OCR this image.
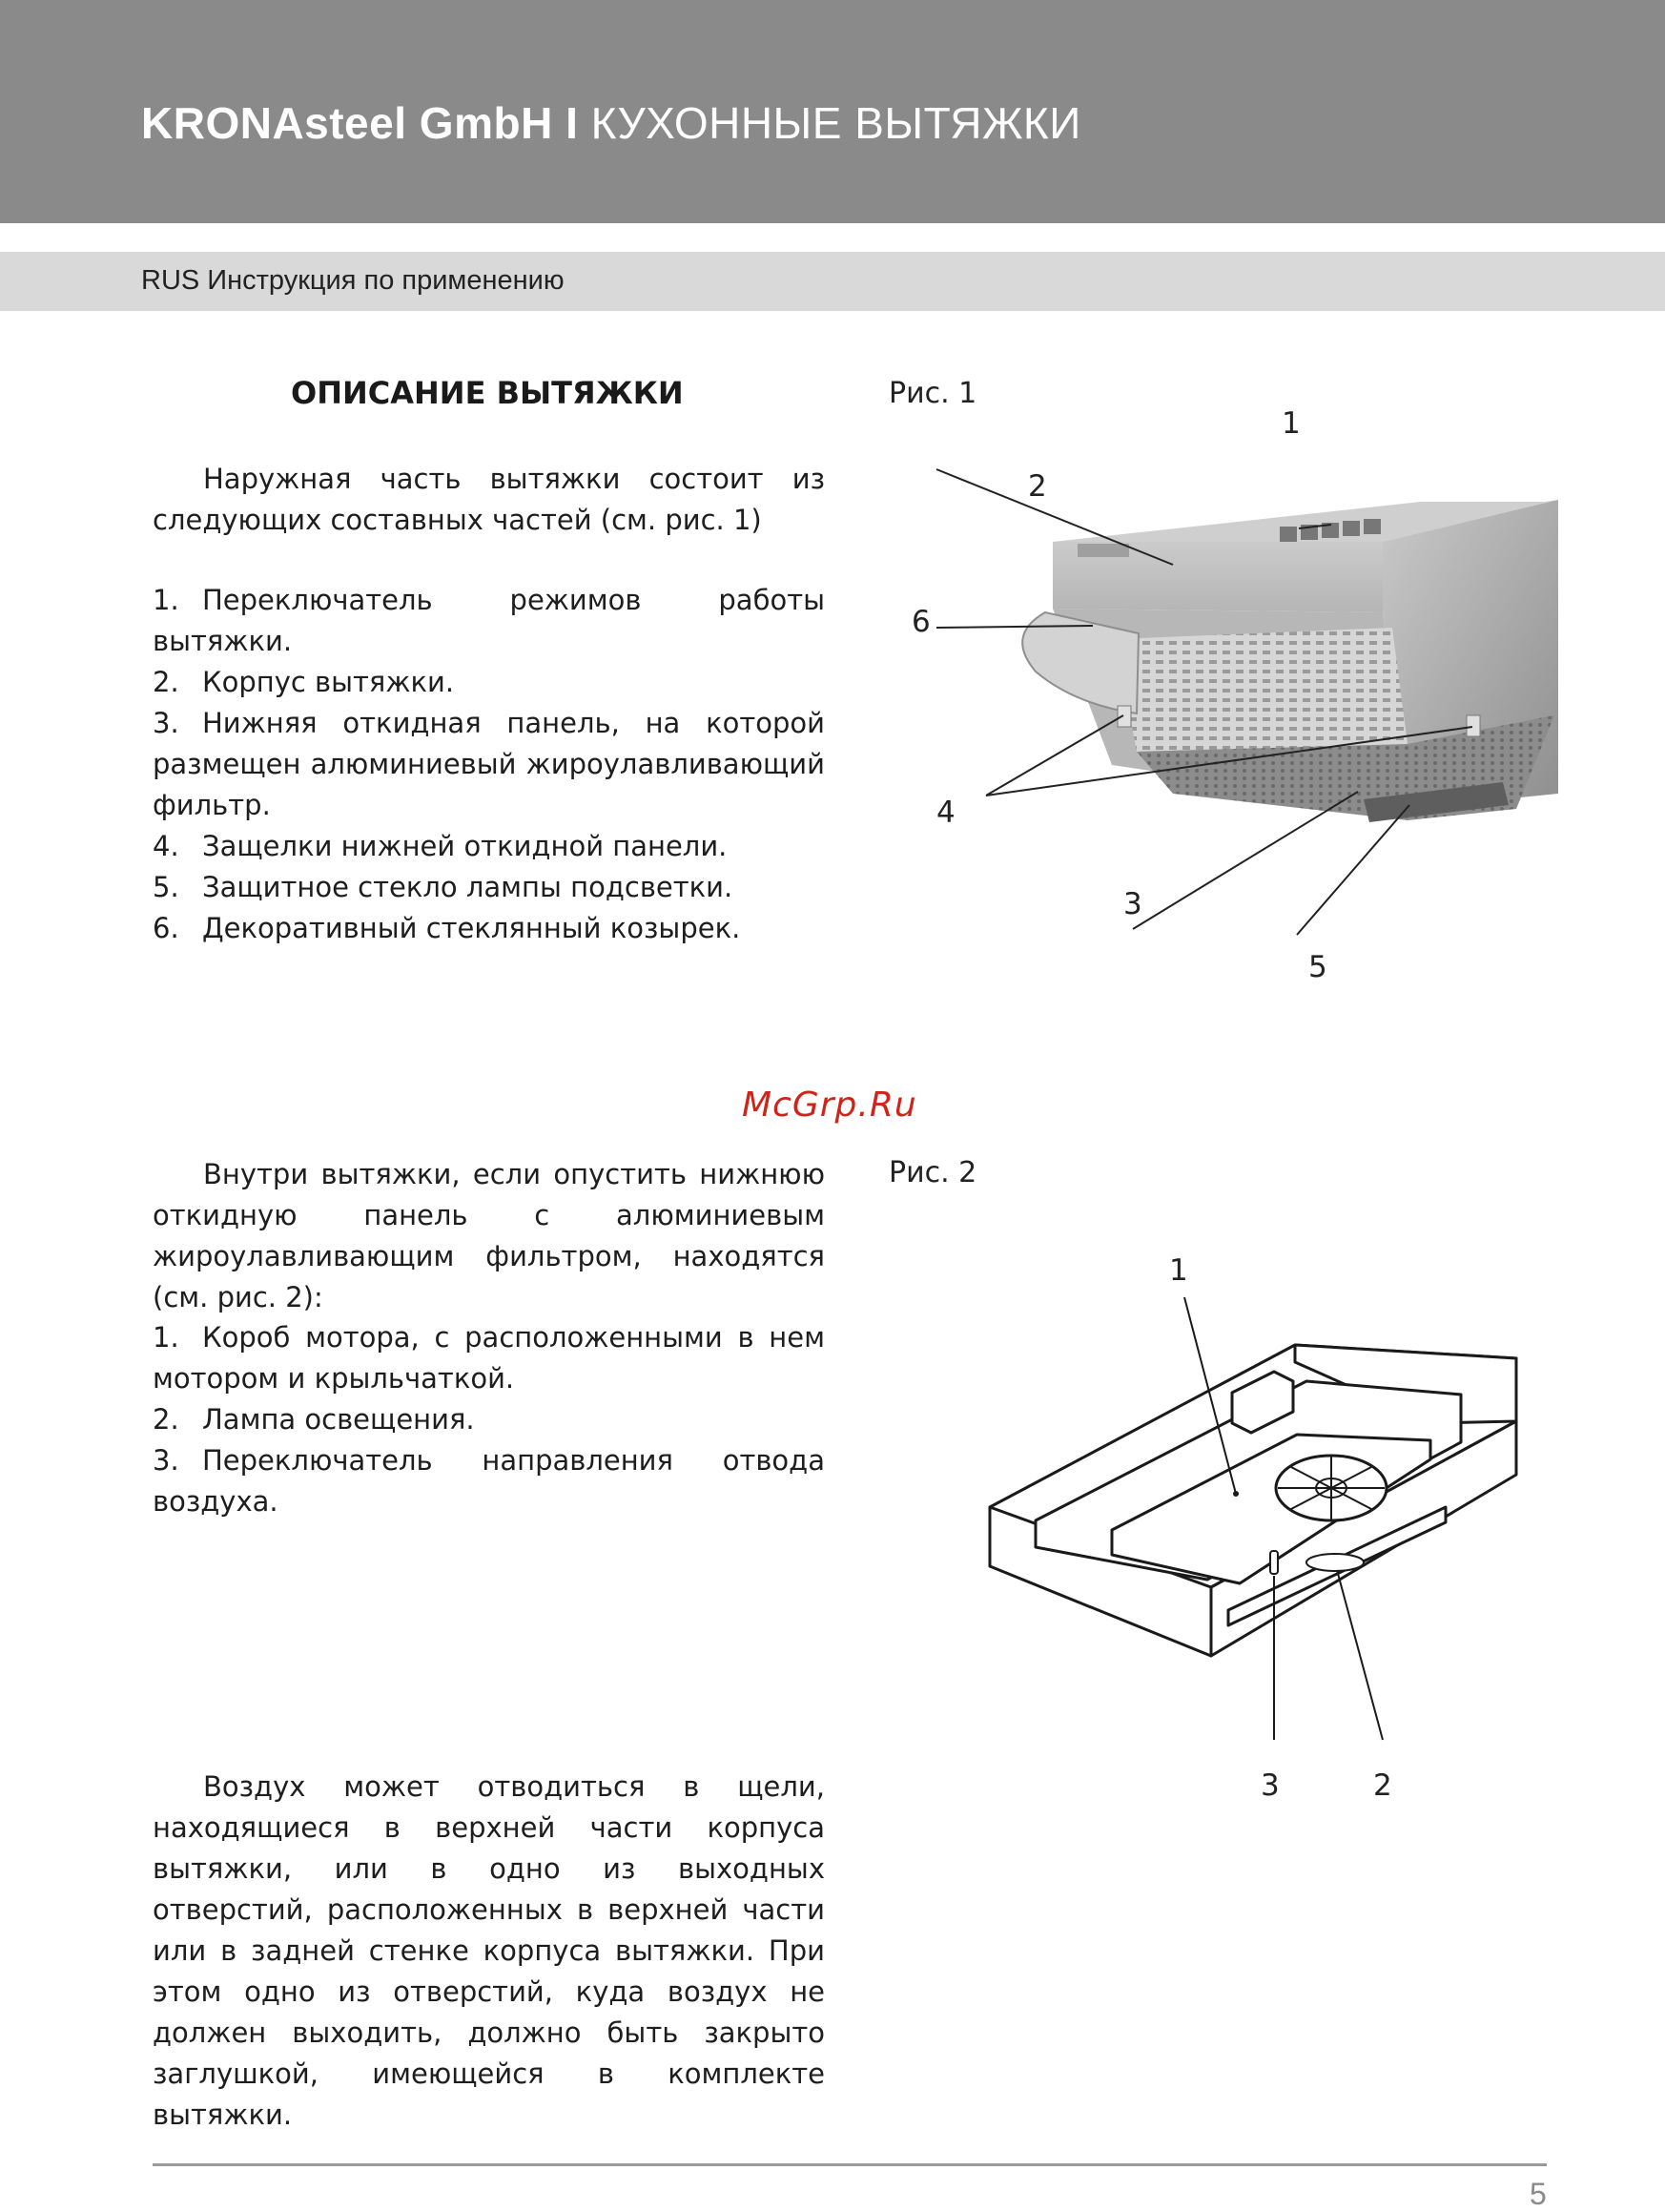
KRONAsteel GmbH I КУХОННЫЕ ВЫТЯЖКИ
RUS Инструкция по применению
ОПИСАНИЕ ВЫТЯЖКИ

Наружная часть вытяжки состоит из следующих составных частей (см. рис. 1)

1. Переключатель режимов работы вытяжки.
2. Корпус вытяжки.
3. Нижняя откидная панель, на которой размещен алюминиевый жироулавливающий фильтр.
4. Защелки нижней откидной панели.
5. Защитное стекло лампы подсветки.
6. Декоративный стеклянный козырек.
Рис. 1
1
2
3
4
5
6
McGrp.Ru

Внутри вытяжки, если опустить нижнюю откидную панель с алюминиевым жироулавливающим фильтром, находятся (см. рис. 2):

1. Короб мотора, с расположенными в нем мотором и крыльчаткой.
2. Лампа освещения.
3. Переключатель направления отвода воздуха.
Рис. 2
1
2
3

Воздух может отводиться в щели, находящиеся в верхней части корпуса вытяжки, или в одно из выходных отверстий, расположенных в верхней части или в задней стенке корпуса вытяжки. При этом одно из отверстий, куда воздух не должен выходить, должно быть закрыто заглушкой, имеющейся в комплекте вытяжки.

5
